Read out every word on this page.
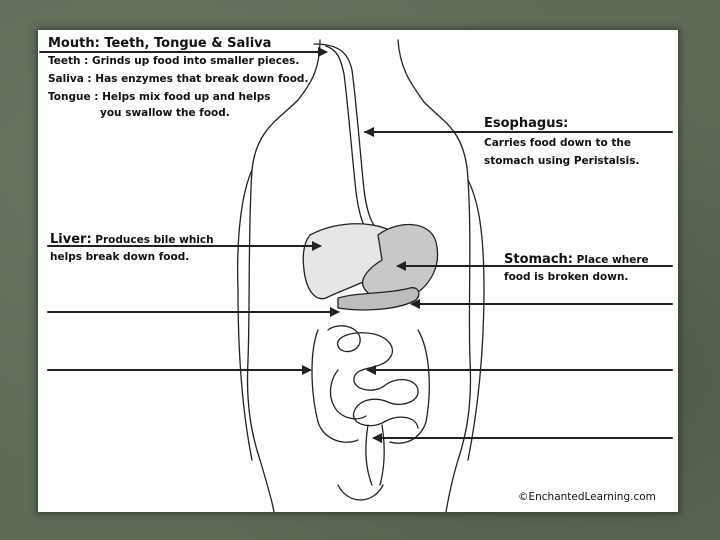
Mouth: Teeth, Tongue & Saliva
Teeth : Grinds up food into smaller pieces.
Saliva : Has enzymes that break down food.
Tongue : Helps mix food up and helps
you swallow the food.
Esophagus:
Carries food down to the
stomach using Peristalsis.
Liver: Produces bile which
helps break down food.	Stomach: Place where
food is broken down.
©EnchantedLearning.com
